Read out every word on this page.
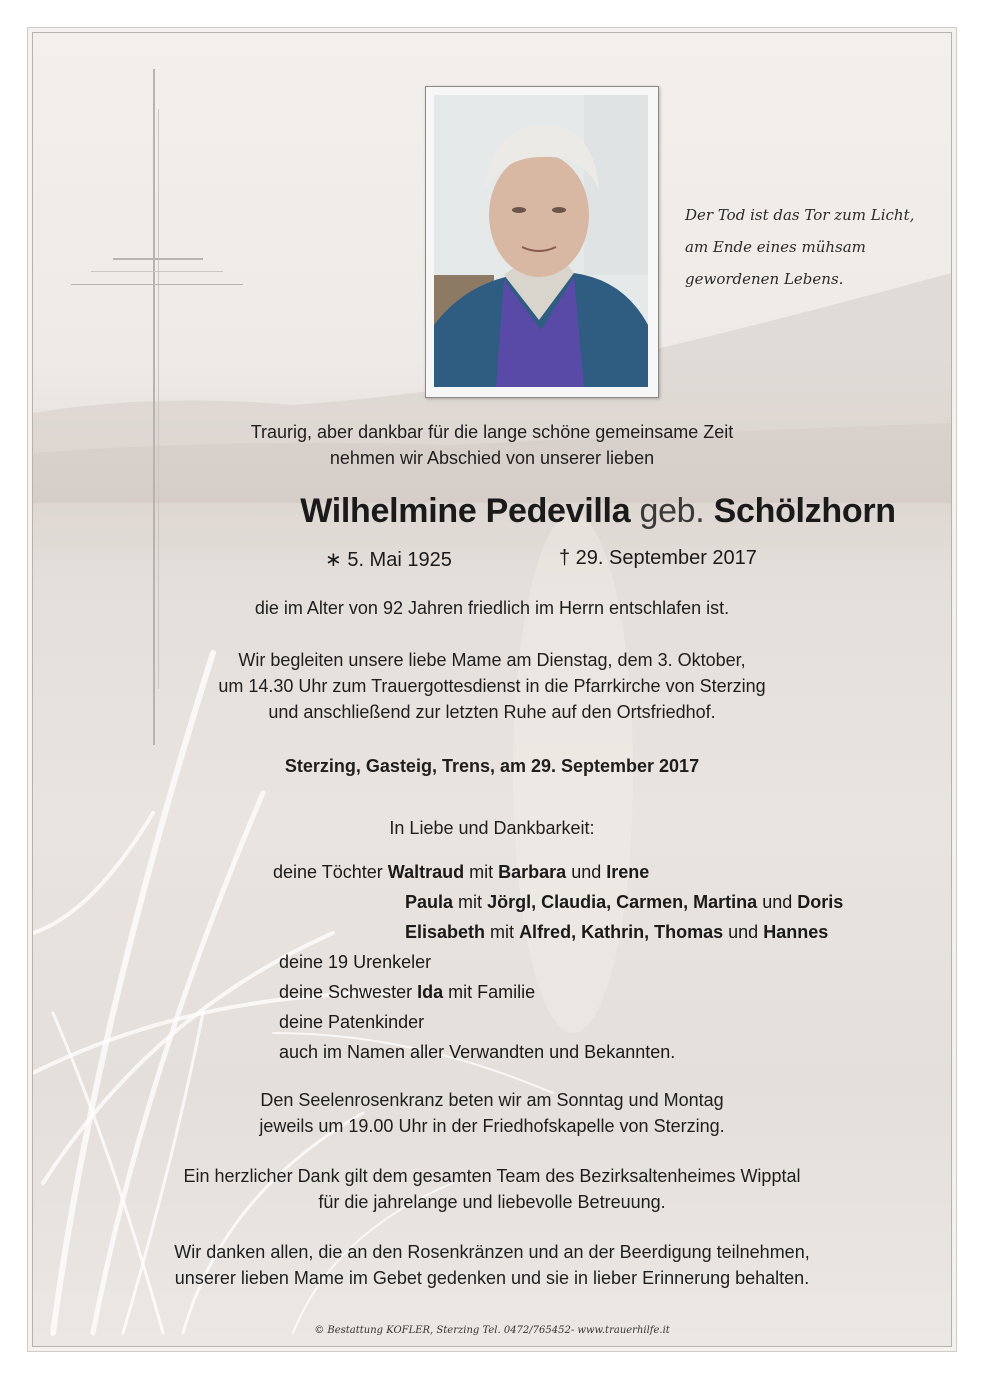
Der Tod ist das Tor zum Licht,
am Ende eines mühsam
gewordenen Lebens.
Traurig, aber dankbar für die lange schöne gemeinsame Zeit
nehmen wir Abschied von unserer lieben
Wilhelmine Pedevilla geb. Schölzhorn
∗ 5. Mai 1925	† 29. September 2017
die im Alter von 92 Jahren friedlich im Herrn entschlafen ist.
Wir begleiten unsere liebe Mame am Dienstag, dem 3. Oktober,
um 14.30 Uhr zum Trauergottesdienst in die Pfarrkirche von Sterzing
und anschließend zur letzten Ruhe auf den Ortsfriedhof.
Sterzing, Gasteig, Trens, am 29. September 2017
In Liebe und Dankbarkeit:
deine Töchter Waltraud mit Barbara und Irene
Paula mit Jörgl, Claudia, Carmen, Martina und Doris
Elisabeth mit Alfred, Kathrin, Thomas und Hannes
deine 19 Urenkeler
deine Schwester Ida mit Familie
deine Patenkinder
auch im Namen aller Verwandten und Bekannten.
Den Seelenrosenkranz beten wir am Sonntag und Montag
jeweils um 19.00 Uhr in der Friedhofskapelle von Sterzing.
Ein herzlicher Dank gilt dem gesamten Team des Bezirksaltenheimes Wipptal
für die jahrelange und liebevolle Betreuung.
Wir danken allen, die an den Rosenkränzen und an der Beerdigung teilnehmen,
unserer lieben Mame im Gebet gedenken und sie in lieber Erinnerung behalten.
© Bestattung KOFLER, Sterzing Tel. 0472/765452- www.trauerhilfe.it
